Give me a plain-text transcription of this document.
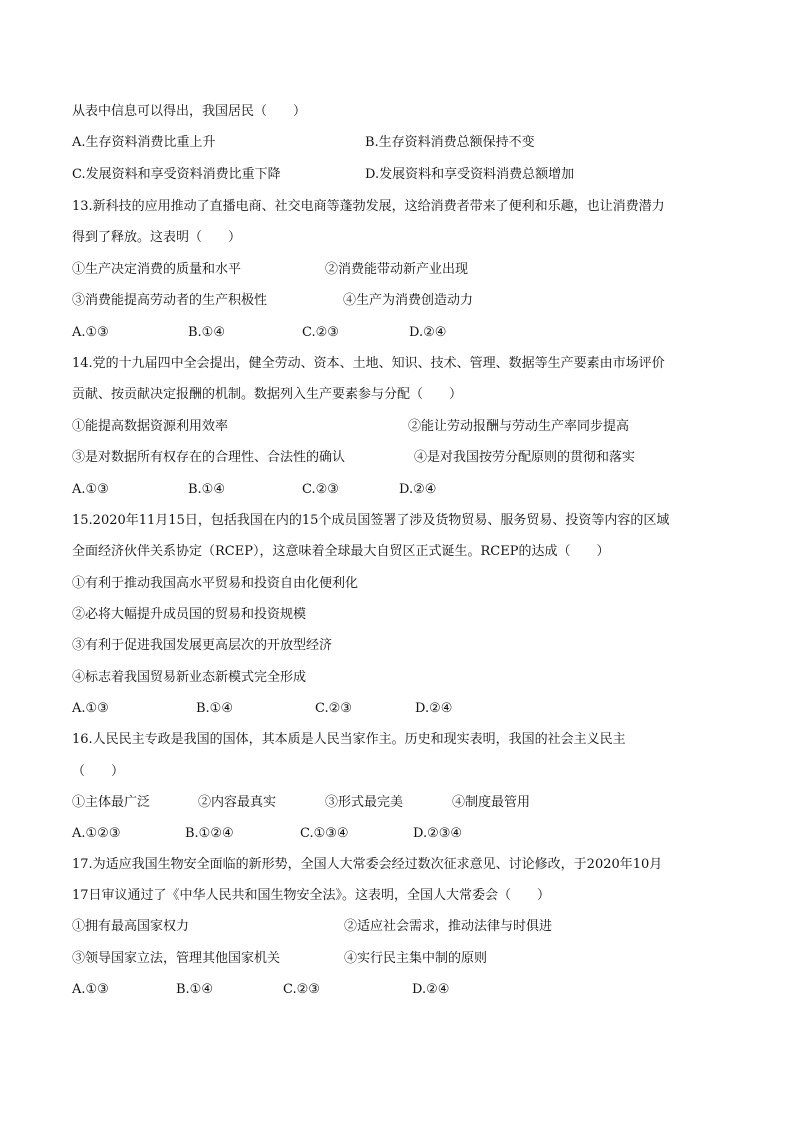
从表中信息可以得出，我国居民（　　）
A.生存资料消费比重上升	B.生存资料消费总额保持不变
C.发展资料和享受资料消费比重下降	D.发展资料和享受资料消费总额增加
13.新科技的应用推动了直播电商、社交电商等蓬勃发展，这给消费者带来了便利和乐趣，也让消费潜力
得到了释放。这表明（　　）
①生产决定消费的质量和水平	②消费能带动新产业出现
③消费能提高劳动者的生产积极性	④生产为消费创造动力
A.①③	B.①④	C.②③	D.②④
14.党的十九届四中全会提出，健全劳动、资本、土地、知识、技术、管理、数据等生产要素由市场评价
贡献、按贡献决定报酬的机制。数据列入生产要素参与分配（　　）
①能提高数据资源利用效率	②能让劳动报酬与劳动生产率同步提高
③是对数据所有权存在的合理性、合法性的确认	④是对我国按劳分配原则的贯彻和落实
A.①③	B.①④	C.②③	D.②④
15.2020年11月15日，包括我国在内的15个成员国签署了涉及货物贸易、服务贸易、投资等内容的区域
全面经济伙伴关系协定（RCEP），这意味着全球最大自贸区正式诞生。RCEP的达成（　　）
①有利于推动我国高水平贸易和投资自由化便利化
②必将大幅提升成员国的贸易和投资规模
③有利于促进我国发展更高层次的开放型经济
④标志着我国贸易新业态新模式完全形成
A.①③	B.①④	C.②③	D.②④
16.人民民主专政是我国的国体，其本质是人民当家作主。历史和现实表明，我国的社会主义民主
（　　）
①主体最广泛	②内容最真实	③形式最完美	④制度最管用
A.①②③	B.①②④	C.①③④	D.②③④
17.为适应我国生物安全面临的新形势，全国人大常委会经过数次征求意见、讨论修改，于2020年10月
17日审议通过了《中华人民共和国生物安全法》。这表明，全国人大常委会（　　）
①拥有最高国家权力	②适应社会需求，推动法律与时俱进
③领导国家立法，管理其他国家机关	④实行民主集中制的原则
A.①③	B.①④	C.②③	D.②④
